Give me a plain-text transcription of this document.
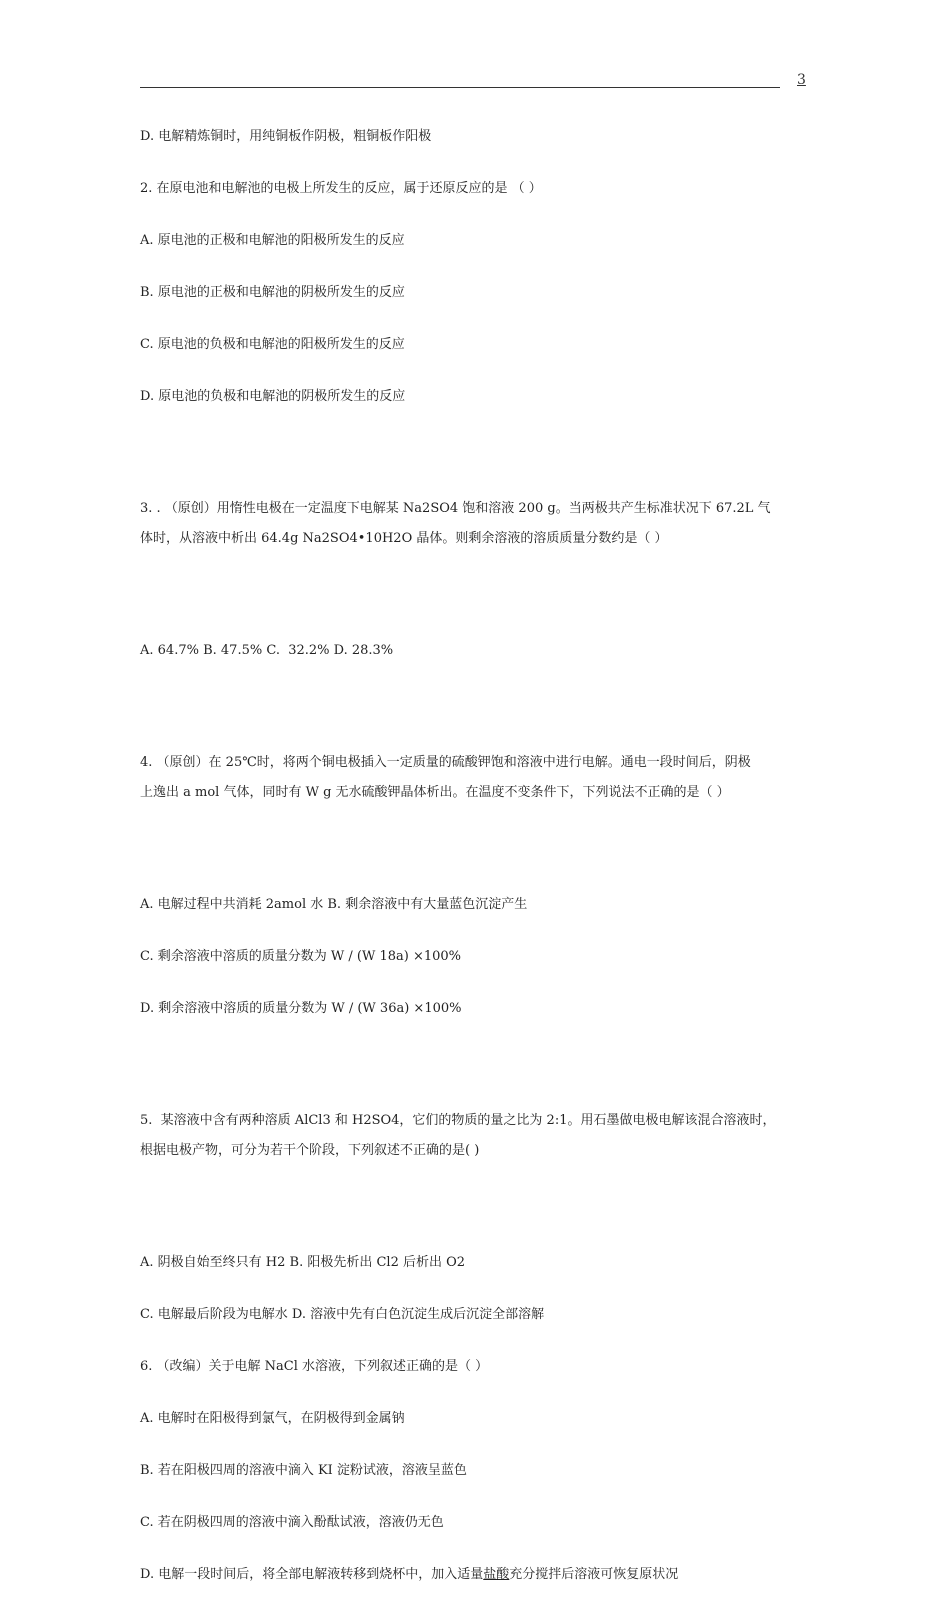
3

D. 电解精炼铜时，用纯铜板作阴极，粗铜板作阳极

2. 在原电池和电解池的电极上所发生的反应，属于还原反应的是 （ ）

A. 原电池的正极和电解池的阳极所发生的反应

B. 原电池的正极和电解池的阴极所发生的反应

C. 原电池的负极和电解池的阳极所发生的反应

D. 原电池的负极和电解池的阴极所发生的反应

3. . （原创）用惰性电极在一定温度下电解某 Na2SO4 饱和溶液 200 g。当两极共产生标准状况下 67.2L 气
体时，从溶液中析出 64.4g Na2SO4•10H2O 晶体。则剩余溶液的溶质质量分数约是（ ）

A. 64.7% B. 47.5% C.  32.2% D. 28.3%

4. （原创）在 25℃时，将两个铜电极插入一定质量的硫酸钾饱和溶液中进行电解。通电一段时间后，阴极
上逸出 a mol 气体，同时有 W g 无水硫酸钾晶体析出。在温度不变条件下，下列说法不正确的是（ ）

A. 电解过程中共消耗 2amol 水 B. 剩余溶液中有大量蓝色沉淀产生

C. 剩余溶液中溶质的质量分数为 W / (W 18a) ×100%

D. 剩余溶液中溶质的质量分数为 W / (W 36a) ×100%

5.  某溶液中含有两种溶质 AlCl3 和 H2SO4，它们的物质的量之比为 2:1。用石墨做电极电解该混合溶液时，
根据电极产物，可分为若干个阶段，下列叙述不正确的是( )

A. 阴极自始至终只有 H2 B. 阳极先析出 Cl2 后析出 O2

C. 电解最后阶段为电解水 D. 溶液中先有白色沉淀生成后沉淀全部溶解

6. （改编）关于电解 NaCl 水溶液，下列叙述正确的是（ ）

A. 电解时在阳极得到氯气，在阴极得到金属钠

B. 若在阳极四周的溶液中滴入 KI 淀粉试液，溶液呈蓝色

C. 若在阴极四周的溶液中滴入酚酞试液，溶液仍无色

D. 电解一段时间后，将全部电解液转移到烧杯中，加入适量盐酸充分搅拌后溶液可恢复原状况
